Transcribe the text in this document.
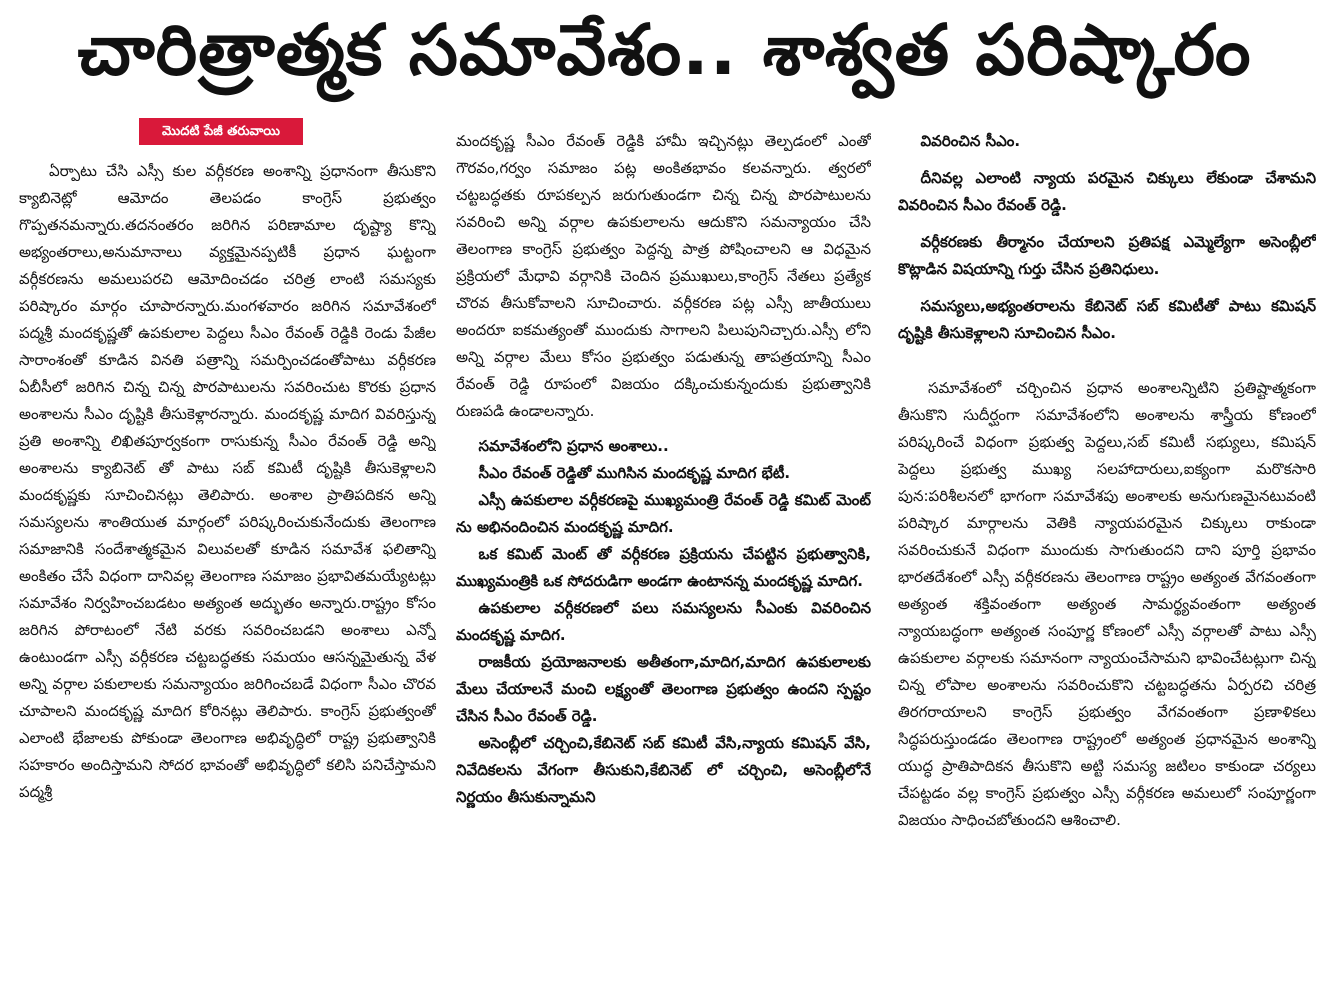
చారిత్రాత్మక సమావేశం.. శాశ్వత పరిష్కారం
మొదటి పేజీ తరువాయి

ఏర్పాటు చేసి ఎస్సీ కుల వర్గీకరణ అంశాన్ని ప్రధానంగా తీసుకొని క్యాబినెట్లో ఆమోదం తెలపడం కాంగ్రెస్ ప్రభుత్వం గొప్పతనమన్నారు.తదనంతరం జరిగిన పరిణామాల దృష్ట్యా కొన్ని అభ్యంతరాలు,అనుమానాలు వ్యక్తమైనప్పటికీ ప్రధాన ఘట్టంగా వర్గీకరణను అమలుపరచి ఆమోదించడం చరిత్ర లాంటి సమస్యకు పరిష్కారం మార్గం చూపారన్నారు.మంగళవారం జరిగిన సమావేశంలో పద్మశ్రీ మందకృష్ణతో ఉపకులాల పెద్దలు సీఎం రేవంత్ రెడ్డికి రెండు పేజీల సారాంశంతో కూడిన వినతి పత్రాన్ని సమర్పించడంతోపాటు వర్గీకరణ ఏబీసీలో జరిగిన చిన్న చిన్న పొరపాటులను సవరించుట కొరకు ప్రధాన అంశాలను సీఎం దృష్టికి తీసుకెళ్లారన్నారు. మందకృష్ణ మాదిగ వివరిస్తున్న ప్రతి అంశాన్ని లిఖితపూర్వకంగా రాసుకున్న సీఎం రేవంత్ రెడ్డి అన్ని అంశాలను క్యాబినెట్ తో పాటు సబ్ కమిటీ దృష్టికి తీసుకెళ్లాలని మందకృష్ణకు సూచించినట్లు తెలిపారు. అంశాల ప్రాతిపదికన అన్ని సమస్యలను శాంతియుత మార్గంలో పరిష్కరించుకునేందుకు తెలంగాణ సమాజానికి సందేశాత్మకమైన విలువలతో కూడిన సమావేశ ఫలితాన్ని అంకితం చేసే విధంగా దానివల్ల తెలంగాణ సమాజం ప్రభావితమయ్యేటట్లు సమావేశం నిర్వహించబడటం అత్యంత అద్భుతం అన్నారు.రాష్ట్రం కోసం జరిగిన పోరాటంలో నేటి వరకు సవరించబడని అంశాలు ఎన్నో ఉంటుండగా ఎస్సీ వర్గీకరణ చట్టబద్ధతకు సమయం ఆసన్నమైతున్న వేళ అన్ని వర్గాల పకులాలకు సమన్యాయం జరిగించబడే విధంగా సీఎం చొరవ చూపాలని మందకృష్ణ మాదిగ కోరినట్లు తెలిపారు. కాంగ్రెస్ ప్రభుత్వంతో ఎలాంటి భేజాలకు పోకుండా తెలంగాణ అభివృద్ధిలో రాష్ట్ర ప్రభుత్వానికి సహకారం అందిస్తామని సోదర భావంతో అభివృద్ధిలో కలిసి పనిచేస్తామని పద్మశ్రీ

మందకృష్ణ సీఎం రేవంత్ రెడ్డికి హామీ ఇచ్చినట్లు తెల్పడంలో ఎంతో గౌరవం,గర్వం సమాజం పట్ల అంకితభావం కలవన్నారు. త్వరలో చట్టబద్ధతకు రూపకల్పన జరుగుతుండగా చిన్న చిన్న పొరపాటులను సవరించి అన్ని వర్గాల ఉపకులాలను ఆదుకొని సమన్యాయం చేసి తెలంగాణ కాంగ్రెస్ ప్రభుత్వం పెద్దన్న పాత్ర పోషించాలని ఆ విధమైన ప్రక్రియలో మేధావి వర్గానికి చెందిన ప్రముఖులు,కాంగ్రెస్ నేతలు ప్రత్యేక చొరవ తీసుకోవాలని సూచించారు. వర్గీకరణ పట్ల ఎస్సీ జాతీయులు అందరూ ఐకమత్యంతో ముందుకు సాగాలని పిలుపునిచ్చారు.ఎస్సీ లోని అన్ని వర్గాల మేలు కోసం ప్రభుత్వం పడుతున్న తాపత్రయాన్ని సీఎం రేవంత్ రెడ్డి రూపంలో విజయం దక్కించుకున్నందుకు ప్రభుత్వానికి రుణపడి ఉండాలన్నారు.

సమావేశంలోని ప్రధాన అంశాలు..

సీఎం రేవంత్ రెడ్డితో ముగిసిన మందకృష్ణ మాదిగ భేటీ.

ఎస్సీ ఉపకులాల వర్గీకరణపై ముఖ్యమంత్రి రేవంత్ రెడ్డి కమిట్ మెంట్ ను అభినందించిన మందకృష్ణ మాదిగ.

ఒక కమిట్ మెంట్ తో వర్గీకరణ ప్రక్రియను చేపట్టిన ప్రభుత్వానికి, ముఖ్యమంత్రికి ఒక సోదరుడిగా అండగా ఉంటానన్న మందకృష్ణ మాదిగ.

ఉపకులాల వర్గీకరణలో పలు సమస్యలను సీఎంకు వివరించిన మందకృష్ణ మాదిగ.

రాజకీయ ప్రయోజనాలకు అతీతంగా,మాదిగ,మాదిగ ఉపకులాలకు మేలు చేయాలనే మంచి లక్ష్యంతో తెలంగాణ ప్రభుత్వం ఉందని స్పష్టం చేసిన సీఎం రేవంత్ రెడ్డి.

అసెంబ్లీలో చర్చించి,కేబినెట్ సబ్ కమిటీ వేసి,న్యాయ కమిషన్ వేసి, నివేదికలను వేగంగా తీసుకుని,కేబినెట్ లో చర్చించి, అసెంబ్లీలోనే నిర్ణయం తీసుకున్నామని

వివరించిన సీఎం.

దీనివల్ల ఎలాంటి న్యాయ పరమైన చిక్కులు లేకుండా చేశామని వివరించిన సీఎం రేవంత్ రెడ్డి.

వర్గీకరణకు తీర్మానం చేయాలని ప్రతిపక్ష ఎమ్మెల్యేగా అసెంబ్లీలో కొట్లాడిన విషయాన్ని గుర్తు చేసిన ప్రతినిధులు.

సమస్యలు,అభ్యంతరాలను కేబినెట్ సబ్ కమిటీతో పాటు కమిషన్ దృష్టికి తీసుకెళ్లాలని సూచించిన సీఎం.

సమావేశంలో చర్చించిన ప్రధాన అంశాలన్నిటిని ప్రతిష్టాత్మకంగా తీసుకొని సుదీర్ఘంగా సమావేశంలోని అంశాలను శాస్త్రీయ కోణంలో పరిష్కరించే విధంగా ప్రభుత్వ పెద్దలు,సబ్ కమిటీ సభ్యులు, కమిషన్ పెద్దలు ప్రభుత్వ ముఖ్య సలహాదారులు,ఐక్యంగా మరొకసారి పున:పరిశీలనలో భాగంగా సమావేశపు అంశాలకు అనుగుణమైనటువంటి పరిష్కార మార్గాలను వెతికి న్యాయపరమైన చిక్కులు రాకుండా సవరించుకునే విధంగా ముందుకు సాగుతుందని దాని పూర్తి ప్రభావం భారతదేశంలో ఎస్సీ వర్గీకరణను తెలంగాణ రాష్ట్రం అత్యంత వేగవంతంగా అత్యంత శక్తివంతంగా అత్యంత సామర్థ్యవంతంగా అత్యంత న్యాయబద్ధంగా అత్యంత సంపూర్ణ కోణంలో ఎస్సీ వర్గాలతో పాటు ఎస్సీ ఉపకులాల వర్గాలకు సమానంగా న్యాయంచేసామని భావించేటట్లుగా చిన్న చిన్న లోపాల అంశాలను సవరించుకొని చట్టబద్ధతను ఏర్పరచి చరిత్ర తిరగరాయాలని కాంగ్రెస్ ప్రభుత్వం వేగవంతంగా ప్రణాళికలు సిద్ధపరుస్తుండడం తెలంగాణ రాష్ట్రంలో అత్యంత ప్రధానమైన అంశాన్ని యుద్ధ ప్రాతిపాదికన తీసుకొని అట్టి సమస్య జటిలం కాకుండా చర్యలు చేపట్టడం వల్ల కాంగ్రెస్ ప్రభుత్వం ఎస్సీ వర్గీకరణ అమలులో సంపూర్ణంగా విజయం సాధించబోతుందని ఆశించాలి.
